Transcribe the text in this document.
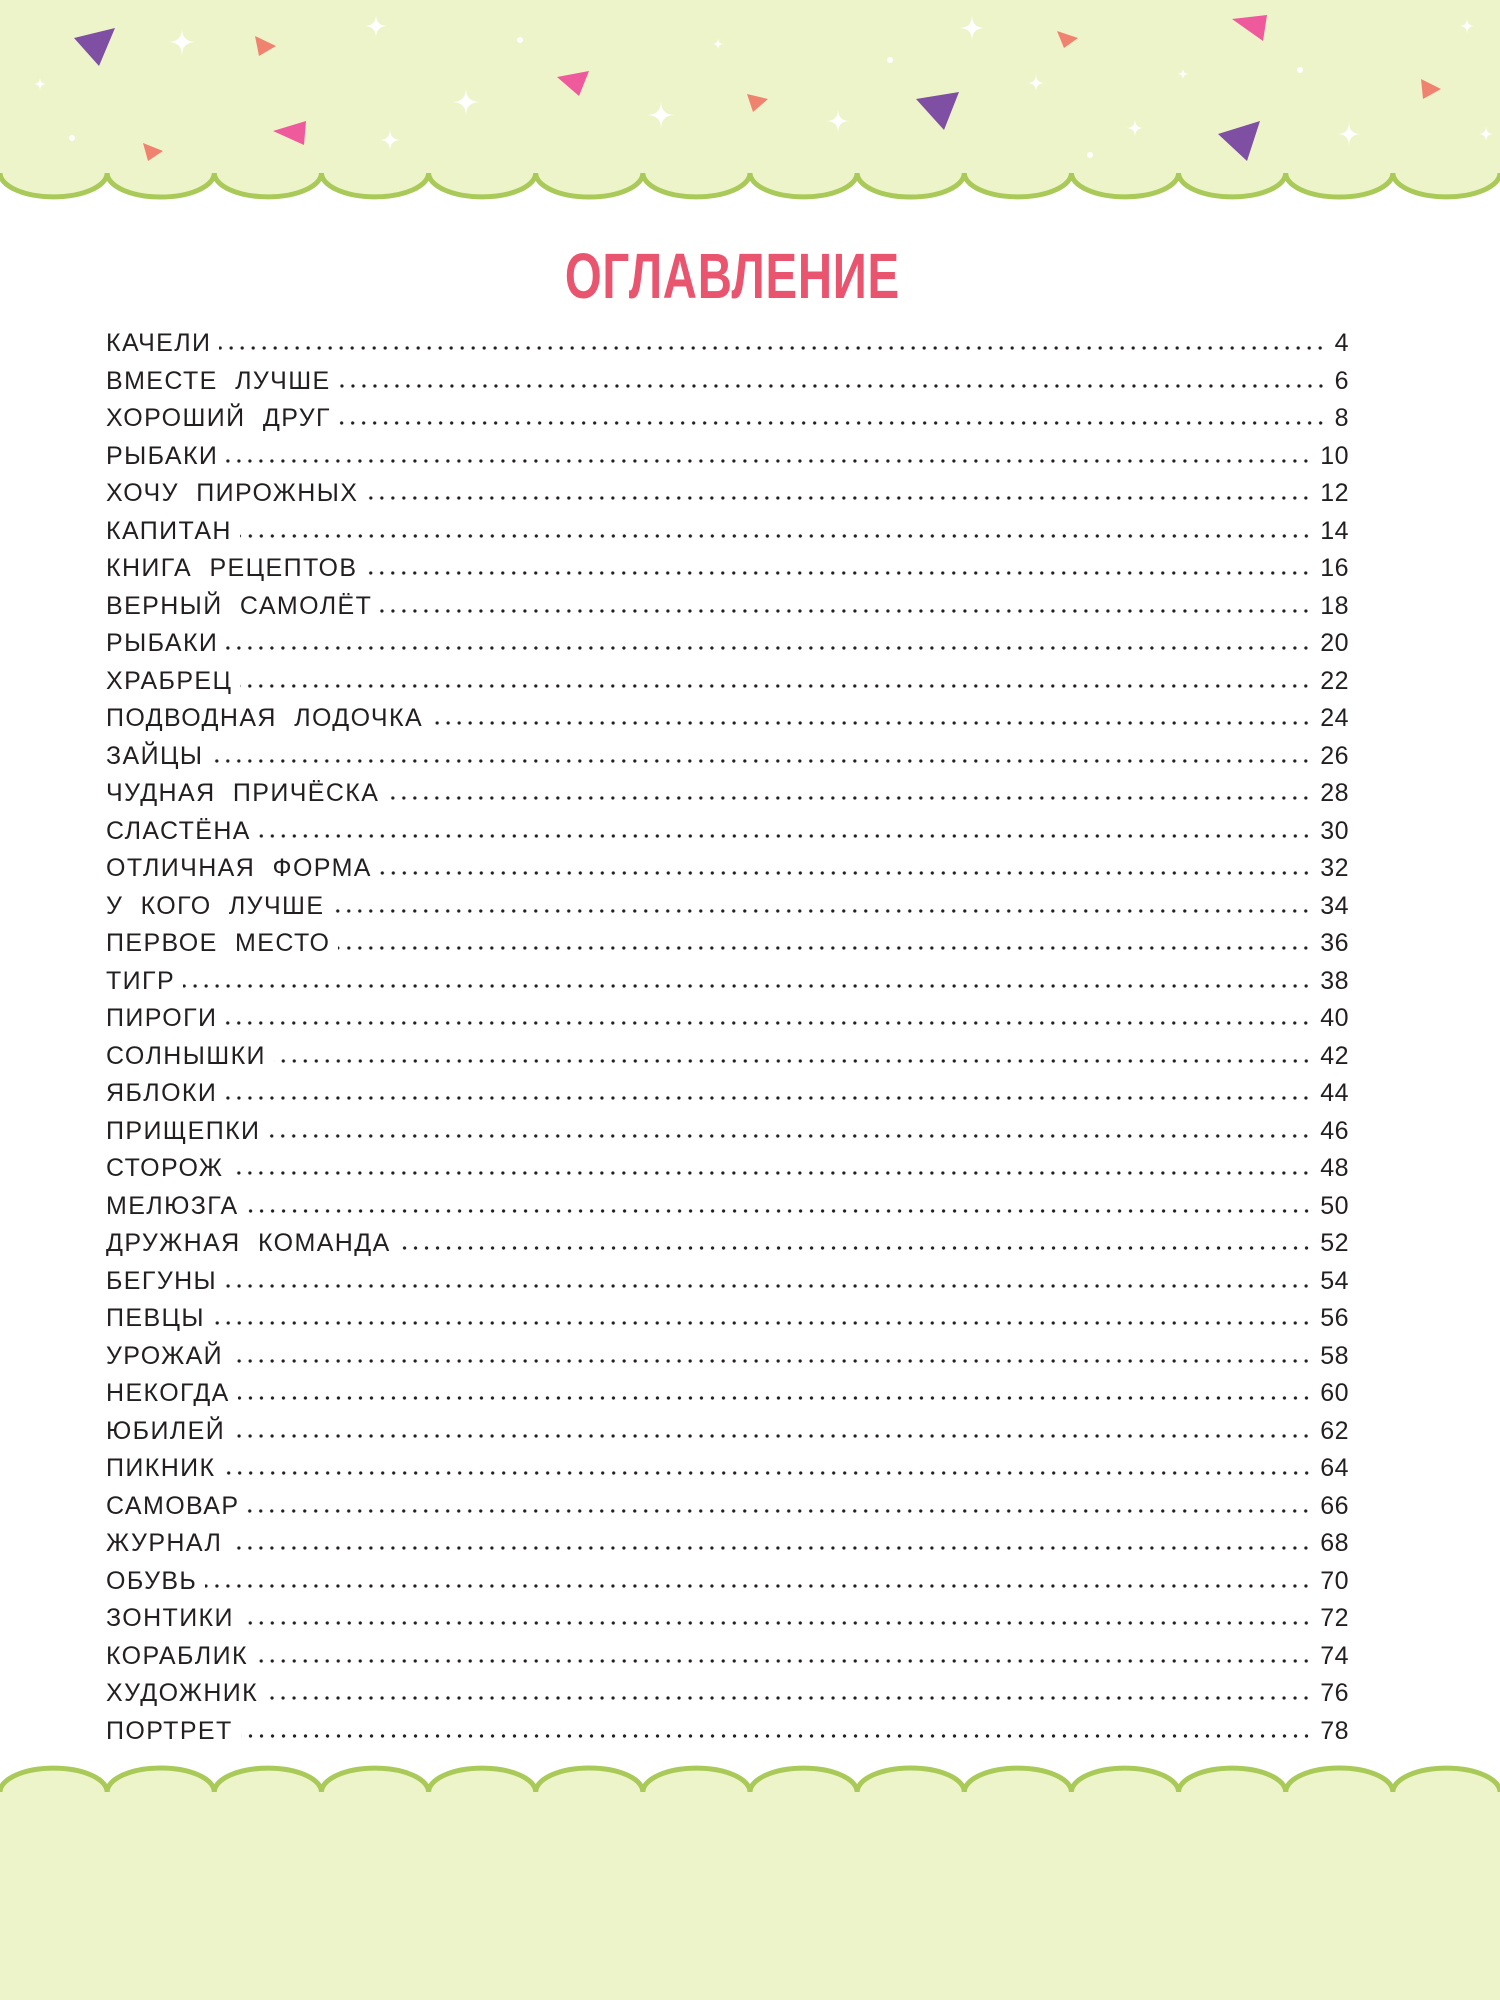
ОГЛАВЛЕНИЕ
КАЧЕЛИ	4
ВМЕСТЕ ЛУЧШЕ	6
ХОРОШИЙ ДРУГ	8
РЫБАКИ	10
ХОЧУ ПИРОЖНЫХ	12
КАПИТАН	14
КНИГА РЕЦЕПТОВ	16
ВЕРНЫЙ САМОЛЁТ	18
РЫБАКИ	20
ХРАБРЕЦ	22
ПОДВОДНАЯ ЛОДОЧКА	24
ЗАЙЦЫ	26
ЧУДНАЯ ПРИЧЁСКА	28
СЛАСТЁНА	30
ОТЛИЧНАЯ ФОРМА	32
У КОГО ЛУЧШЕ	34
ПЕРВОЕ МЕСТО	36
ТИГР	38
ПИРОГИ	40
СОЛНЫШКИ	42
ЯБЛОКИ	44
ПРИЩЕПКИ	46
СТОРОЖ	48
МЕЛЮЗГА	50
ДРУЖНАЯ КОМАНДА	52
БЕГУНЫ	54
ПЕВЦЫ	56
УРОЖАЙ	58
НЕКОГДА	60
ЮБИЛЕЙ	62
ПИКНИК	64
САМОВАР	66
ЖУРНАЛ	68
ОБУВЬ	70
ЗОНТИКИ	72
КОРАБЛИК	74
ХУДОЖНИК	76
ПОРТРЕТ	78
